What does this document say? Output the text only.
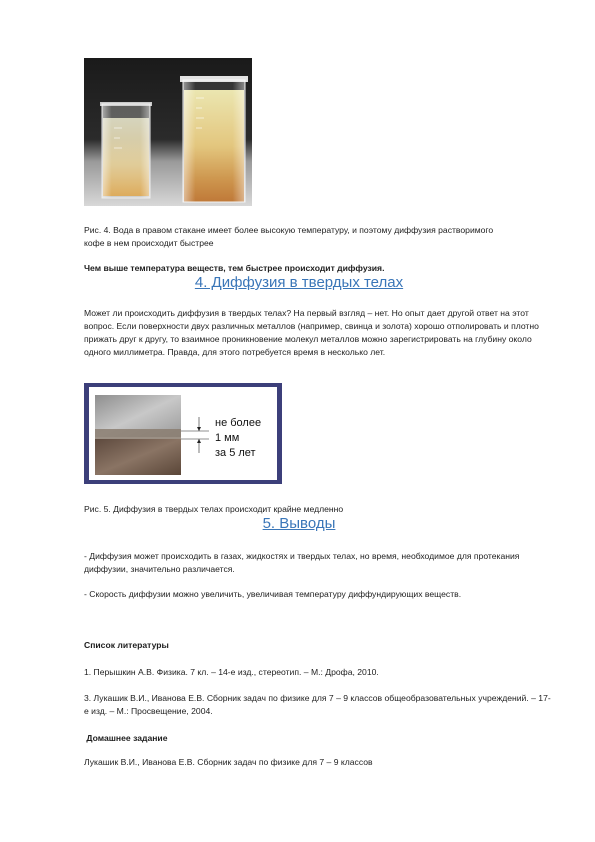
Рис. 4. Вода в правом стакане имеет более высокую температуру, и поэтому диффузия растворимого кофе в нем происходит быстрее
Чем выше температура веществ, тем быстрее происходит диффузия.
4. Диффузия в твердых телах
Может ли происходить диффузия в твердых телах? На первый взгляд – нет. Но опыт дает другой ответ на этот вопрос. Если поверхности двух различных металлов (например, свинца и золота) хорошо отполировать и плотно прижать друг к другу, то взаимное проникновение молекул металлов можно зарегистрировать на глубину около одного миллиметра. Правда, для этого потребуется время в несколько лет.
не более
1 мм
за 5 лет
Рис. 5. Диффузия в твердых телах происходит крайне медленно
5. Выводы
- Диффузия может происходить в газах, жидкостях и твердых телах, но время, необходимое для протекания диффузии, значительно различается.
- Скорость диффузии можно увеличить, увеличивая температуру диффундирующих веществ.
Список литературы
1. Перышкин А.В. Физика. 7 кл. – 14-е изд., стереотип. – М.: Дрофа, 2010.
3. Лукашик В.И., Иванова Е.В. Сборник задач по физике для 7 – 9 классов общеобразовательных учреждений. – 17-е изд. – М.: Просвещение, 2004.
Домашнее задание
Лукашик В.И., Иванова Е.В. Сборник задач по физике для 7 – 9 классов
